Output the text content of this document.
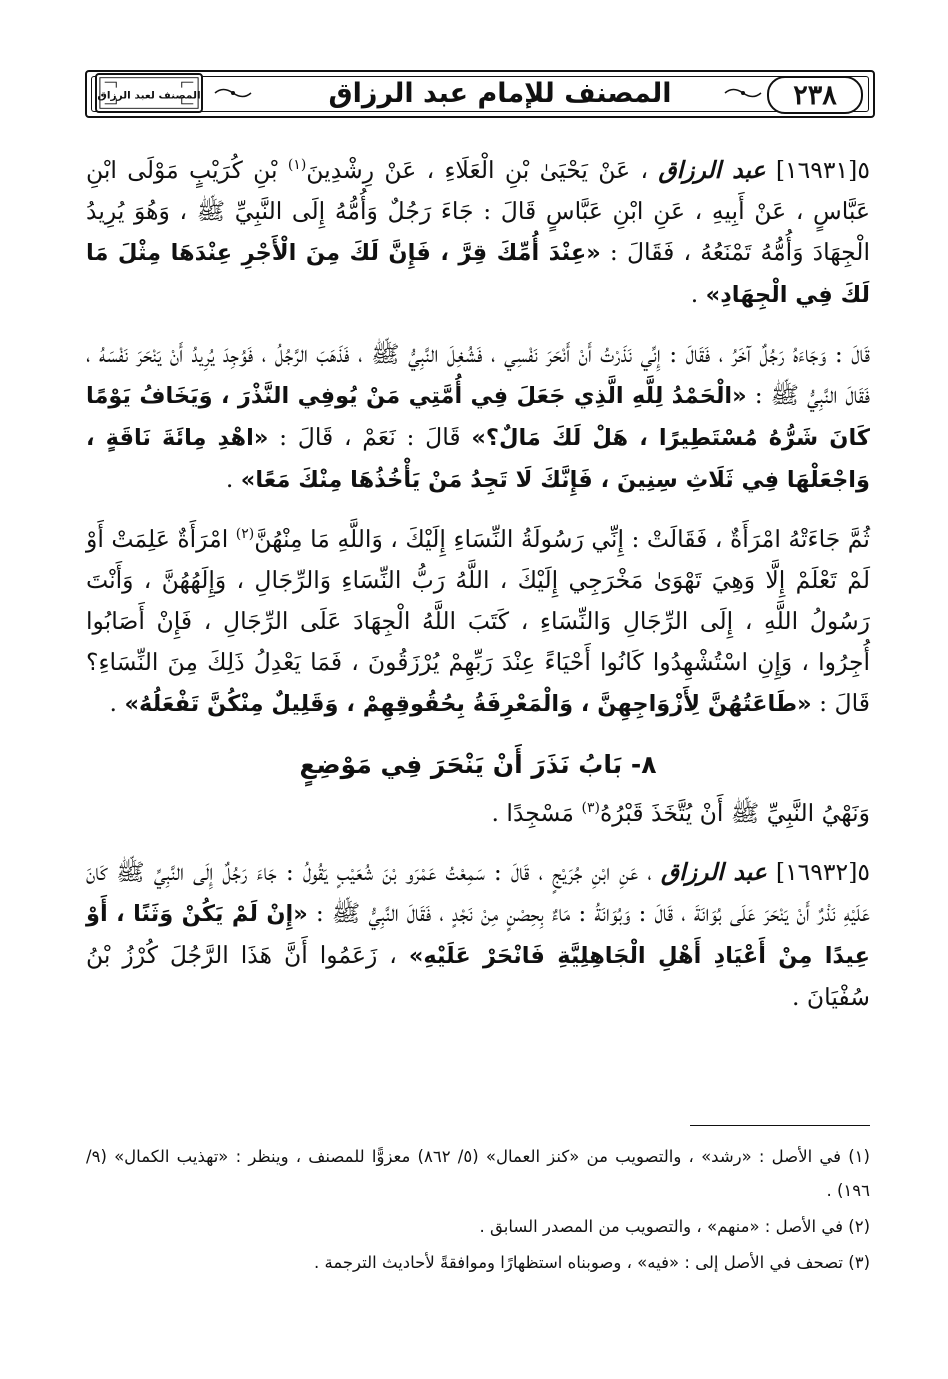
المصنف لعبد الرزاق	المصنف للإمام عبد الرزاق	٢٣٨

٥[١٦٩٣١] عبد الرزاق ، عَنْ يَحْيَىٰ بْنِ الْعَلَاءِ ، عَنْ رِشْدِينَ$^{(١)}$ بْنِ كُرَيْبٍ مَوْلَى ابْنِ عَبَّاسٍ ، عَنْ أَبِيهِ ، عَنِ ابْنِ عَبَّاسٍ قَالَ : جَاءَ رَجُلٌ وَأُمُّهُ إِلَى النَّبِيِّ ﷺ ، وَهُوَ يُرِيدُ الْجِهَادَ وَأُمُّهُ تَمْنَعُهُ ، فَقَالَ : «عِنْدَ أُمِّكَ قِرَّ ، فَإِنَّ لَكَ مِنَ الْأَجْرِ عِنْدَهَا مِثْلَ مَا لَكَ فِي الْجِهَادِ» .

قَالَ : وَجَاءَهُ رَجُلٌ آخَرُ ، فَقَالَ : إِنِّي نَذَرْتُ أَنْ أَنْحَرَ نَفْسِي ، فَشُغِلَ النَّبِيُّ ﷺ ، فَذَهَبَ الرَّجُلُ ، فَوُجِدَ يُرِيدُ أَنْ يَنْحَرَ نَفْسَهُ ، فَقَالَ النَّبِيُّ ﷺ : «الْحَمْدُ لِلَّهِ الَّذِي جَعَلَ فِي أُمَّتِي مَنْ يُوفِي النَّذْرَ ، وَيَخَافُ يَوْمًا كَانَ شَرُّهُ مُسْتَطِيرًا ، هَلْ لَكَ مَالٌ؟» قَالَ : نَعَمْ ، قَالَ : «اهْدِ مِائَةَ نَاقَةٍ ، وَاجْعَلْهَا فِي ثَلَاثِ سِنِينَ ، فَإِنَّكَ لَا تَجِدُ مَنْ يَأْخُذُهَا مِنْكَ مَعًا» .

ثُمَّ جَاءَتْهُ امْرَأَةٌ ، فَقَالَتْ : إِنِّي رَسُولَةُ النِّسَاءِ إِلَيْكَ ، وَاللَّهِ مَا مِنْهُنَّ$^{(٢)}$ امْرَأَةٌ عَلِمَتْ أَوْ لَمْ تَعْلَمْ إِلَّا وَهِيَ تَهْوَىٰ مَخْرَجِي إِلَيْكَ ، اللَّهُ رَبُّ النِّسَاءِ وَالرِّجَالِ ، وَإِلَهُهُنَّ ، وَأَنْتَ رَسُولُ اللَّهِ ، إِلَى الرِّجَالِ وَالنِّسَاءِ ، كَتَبَ اللَّهُ الْجِهَادَ عَلَى الرِّجَالِ ، فَإِنْ أَصَابُوا أُجِرُوا ، وَإِنِ اسْتُشْهِدُوا كَانُوا أَحْيَاءً عِنْدَ رَبِّهِمْ يُرْزَقُونَ ، فَمَا يَعْدِلُ ذَلِكَ مِنَ النِّسَاءِ؟ قَالَ : «طَاعَتُهُنَّ لِأَزْوَاجِهِنَّ ، وَالْمَعْرِفَةُ بِحُقُوقِهِمْ ، وَقَلِيلٌ مِنْكُنَّ تَفْعَلُهُ» .

٨- بَابُ نَذَرَ أَنْ يَنْحَرَ فِي مَوْضِعٍ

وَنَهْيُ النَّبِيِّ ﷺ أَنْ يُتَّخَذَ قَبْرُهُ$^{(٣)}$ مَسْجِدًا .

٥[١٦٩٣٢] عبد الرزاق ، عَنِ ابْنِ جُرَيْجٍ ، قَالَ : سَمِعْتُ عَمْرَو بْنَ شُعَيْبٍ يَقُولُ : جَاءَ رَجُلٌ إِلَى النَّبِيِّ ﷺ كَانَ عَلَيْهِ نَذْرٌ أَنْ يَنْحَرَ عَلَى بُوَانَةَ ، قَالَ : وَبُوَانَةُ : مَاءٌ بِحِصْنٍ مِنْ نَجْدٍ ، فَقَالَ النَّبِيُّ ﷺ : «إِنْ لَمْ يَكُنْ وَثَنًا ، أَوْ عِيدًا مِنْ أَعْيَادِ أَهْلِ الْجَاهِلِيَّةِ فَانْحَرْ عَلَيْهِ» ، زَعَمُوا أَنَّ هَذَا الرَّجُلَ كُرْزُ بْنُ سُفْيَانَ .

(١) في الأصل : «رشد» ، والتصويب من «كنز العمال» (٥/ ٨٦٢) معزوًّا للمصنف ، وينظر : «تهذيب الكمال» (٩/ ١٩٦) .

(٢) في الأصل : «منهم» ، والتصويب من المصدر السابق .

(٣) تصحف في الأصل إلى : «فيه» ، وصوبناه استظهارًا وموافقةً لأحاديث الترجمة .
